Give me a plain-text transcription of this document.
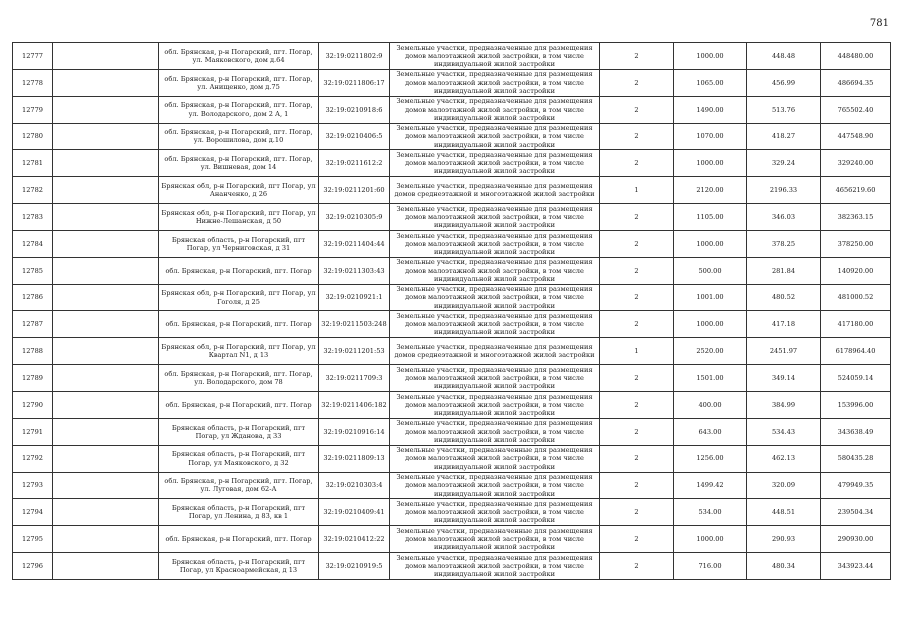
781
12777		обл. Брянская, р-н Погарский, пгт. Погар, ул. Маяковского, дом д.64	32:19:0211802:9	Земельные участки, предназначенные для размещения домов малоэтажной жилой застройки, в том числе индивидуальной жилой застройки	2	1000.00	448.48	448480.00
12778		обл. Брянская, р-н Погарский, пгт. Погар, ул. Анищенко, дом д.75	32:19:0211806:17	Земельные участки, предназначенные для размещения домов малоэтажной жилой застройки, в том числе индивидуальной жилой застройки	2	1065.00	456.99	486694.35
12779		обл. Брянская, р-н Погарский, пгт. Погар, ул. Володарского, дом 2 А, 1	32:19:0210918:6	Земельные участки, предназначенные для размещения домов малоэтажной жилой застройки, в том числе индивидуальной жилой застройки	2	1490.00	513.76	765502.40
12780		обл. Брянская, р-н Погарский, пгт. Погар, ул. Ворошилова, дом д.10	32:19:0210406:5	Земельные участки, предназначенные для размещения домов малоэтажной жилой застройки, в том числе индивидуальной жилой застройки	2	1070.00	418.27	447548.90
12781		обл. Брянская, р-н Погарский, пгт. Погар, ул. Вишневая, дом 14	32:19:0211612:2	Земельные участки, предназначенные для размещения домов малоэтажной жилой застройки, в том числе индивидуальной жилой застройки	2	1000.00	329.24	329240.00
12782		Брянская обл, р-н Погарский, пгт Погар, ул Ананченко, д 26	32:19:0211201:60	Земельные участки, предназначенные для размещения домов среднеэтажной и многоэтажной жилой застройки	1	2120.00	2196.33	4656219.60
12783		Брянская обл, р-н Погарский, пгт Погар, ул Нижне-Лешанская, д 50	32:19:0210305:9	Земельные участки, предназначенные для размещения домов малоэтажной жилой застройки, в том числе индивидуальной жилой застройки	2	1105.00	346.03	382363.15
12784		Брянская область, р-н Погарский, пгт Погар, ул Черниговская, д 31	32:19:0211404:44	Земельные участки, предназначенные для размещения домов малоэтажной жилой застройки, в том числе индивидуальной жилой застройки	2	1000.00	378.25	378250.00
12785		обл. Брянская, р-н Погарский, пгт. Погар	32:19:0211303:43	Земельные участки, предназначенные для размещения домов малоэтажной жилой застройки, в том числе индивидуальной жилой застройки	2	500.00	281.84	140920.00
12786		Брянская обл, р-н Погарский, пгт Погар, ул Гоголя, д 25	32:19:0210921:1	Земельные участки, предназначенные для размещения домов малоэтажной жилой застройки, в том числе индивидуальной жилой застройки	2	1001.00	480.52	481000.52
12787		обл. Брянская, р-н Погарский, пгт. Погар	32:19:0211503:248	Земельные участки, предназначенные для размещения домов малоэтажной жилой застройки, в том числе индивидуальной жилой застройки	2	1000.00	417.18	417180.00
12788		Брянская обл, р-н Погарский, пгт Погар, ул Квартал N1, д 13	32:19:0211201:53	Земельные участки, предназначенные для размещения домов среднеэтажной и многоэтажной жилой застройки	1	2520.00	2451.97	6178964.40
12789		обл. Брянская, р-н Погарский, пгт. Погар, ул. Володарского, дом 78	32:19:0211709:3	Земельные участки, предназначенные для размещения домов малоэтажной жилой застройки, в том числе индивидуальной жилой застройки	2	1501.00	349.14	524059.14
12790		обл. Брянская, р-н Погарский, пгт. Погар	32:19:0211406:182	Земельные участки, предназначенные для размещения домов малоэтажной жилой застройки, в том числе индивидуальной жилой застройки	2	400.00	384.99	153996.00
12791		Брянская область, р-н Погарский, пгт Погар, ул Жданова, д 33	32:19:0210916:14	Земельные участки, предназначенные для размещения домов малоэтажной жилой застройки, в том числе индивидуальной жилой застройки	2	643.00	534.43	343638.49
12792		Брянская область, р-н Погарский, пгт Погар, ул Маяковского, д 32	32:19:0211809:13	Земельные участки, предназначенные для размещения домов малоэтажной жилой застройки, в том числе индивидуальной жилой застройки	2	1256.00	462.13	580435.28
12793		обл. Брянская, р-н Погарский, пгт. Погар, ул. Луговая, дом 62-А	32:19:0210303:4	Земельные участки, предназначенные для размещения домов малоэтажной жилой застройки, в том числе индивидуальной жилой застройки	2	1499.42	320.09	479949.35
12794		Брянская область, р-н Погарский, пгт Погар, ул Ленина, д 83, кв 1	32:19:0210409:41	Земельные участки, предназначенные для размещения домов малоэтажной жилой застройки, в том числе индивидуальной жилой застройки	2	534.00	448.51	239504.34
12795		обл. Брянская, р-н Погарский, пгт. Погар	32:19:0210412:22	Земельные участки, предназначенные для размещения домов малоэтажной жилой застройки, в том числе индивидуальной жилой застройки	2	1000.00	290.93	290930.00
12796		Брянская область, р-н Погарский, пгт Погар, ул Красноармейская, д 13	32:19:0210919:5	Земельные участки, предназначенные для размещения домов малоэтажной жилой застройки, в том числе индивидуальной жилой застройки	2	716.00	480.34	343923.44
